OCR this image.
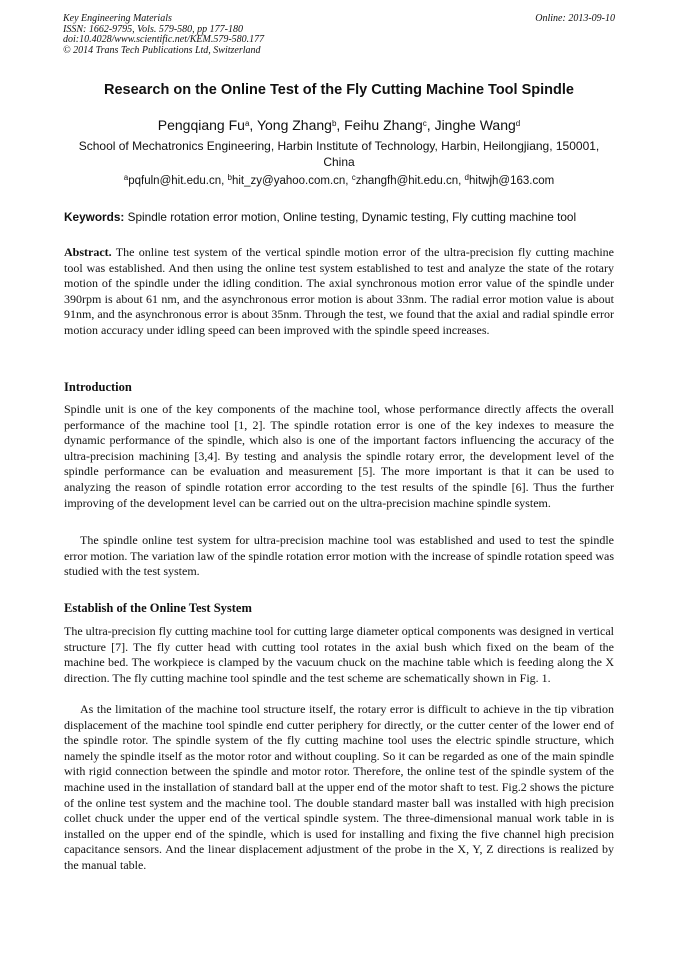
Key Engineering Materials
ISSN: 1662-9795, Vols. 579-580, pp 177-180
doi:10.4028/www.scientific.net/KEM.579-580.177
© 2014 Trans Tech Publications Ltd, Switzerland
Online: 2013-09-10
Research on the Online Test of the Fly Cutting Machine Tool Spindle
Pengqiang Fu$^a$, Yong Zhang$^b$, Feihu Zhang$^c$, Jinghe Wang$^d$
School of Mechatronics Engineering, Harbin Institute of Technology, Harbin, Heilongjiang, 150001, China
$^a$pqfuln@hit.edu.cn, $^b$hit_zy@yahoo.com.cn, $^c$zhangfh@hit.edu.cn, $^d$hitwjh@163.com
Keywords: Spindle rotation error motion, Online testing, Dynamic testing, Fly cutting machine tool
Abstract. The online test system of the vertical spindle motion error of the ultra-precision fly cutting machine tool was established. And then using the online test system established to test and analyze the state of the rotary motion of the spindle under the idling condition. The axial synchronous motion error value of the spindle under 390rpm is about 61 nm, and the asynchronous error motion is about 33nm. The radial error motion value is about 91nm, and the asynchronous error is about 35nm. Through the test, we found that the axial and radial spindle error motion accuracy under idling speed can been improved with the spindle speed increases.
Introduction
Spindle unit is one of the key components of the machine tool, whose performance directly affects the overall performance of the machine tool [1, 2]. The spindle rotation error is one of the key indexes to measure the dynamic performance of the spindle, which also is one of the important factors influencing the accuracy of the ultra-precision machining [3,4]. By testing and analysis the spindle rotary error, the development level of the spindle performance can be evaluation and measurement [5]. The more important is that it can be used to analyzing the reason of spindle rotation error according to the test results of the spindle [6]. Thus the further improving of the development level can be carried out on the ultra-precision machine spindle system.
The spindle online test system for ultra-precision machine tool was established and used to test the spindle error motion. The variation law of the spindle rotation error motion with the increase of spindle rotation speed was studied with the test system.
Establish of the Online Test System
The ultra-precision fly cutting machine tool for cutting large diameter optical components was designed in vertical structure [7]. The fly cutter head with cutting tool rotates in the axial bush which fixed on the beam of the machine bed. The workpiece is clamped by the vacuum chuck on the machine table which is feeding along the X direction. The fly cutting machine tool spindle and the test scheme are schematically shown in Fig. 1.
As the limitation of the machine tool structure itself, the rotary error is difficult to achieve in the tip vibration displacement of the machine tool spindle end cutter periphery for directly, or the cutter center of the lower end of the spindle rotor. The spindle system of the fly cutting machine tool uses the electric spindle structure, which namely the spindle itself as the motor rotor and without coupling. So it can be regarded as one of the main spindle with rigid connection between the spindle and motor rotor. Therefore, the online test of the spindle system of the machine used in the installation of standard ball at the upper end of the motor shaft to test. Fig.2 shows the picture of the online test system and the machine tool. The double standard master ball was installed with high precision collet chuck under the upper end of the vertical spindle system. The three-dimensional manual work table in is installed on the upper end of the spindle, which is used for installing and fixing the five channel high precision capacitance sensors. And the linear displacement adjustment of the probe in the X, Y, Z directions is realized by the manual table.
